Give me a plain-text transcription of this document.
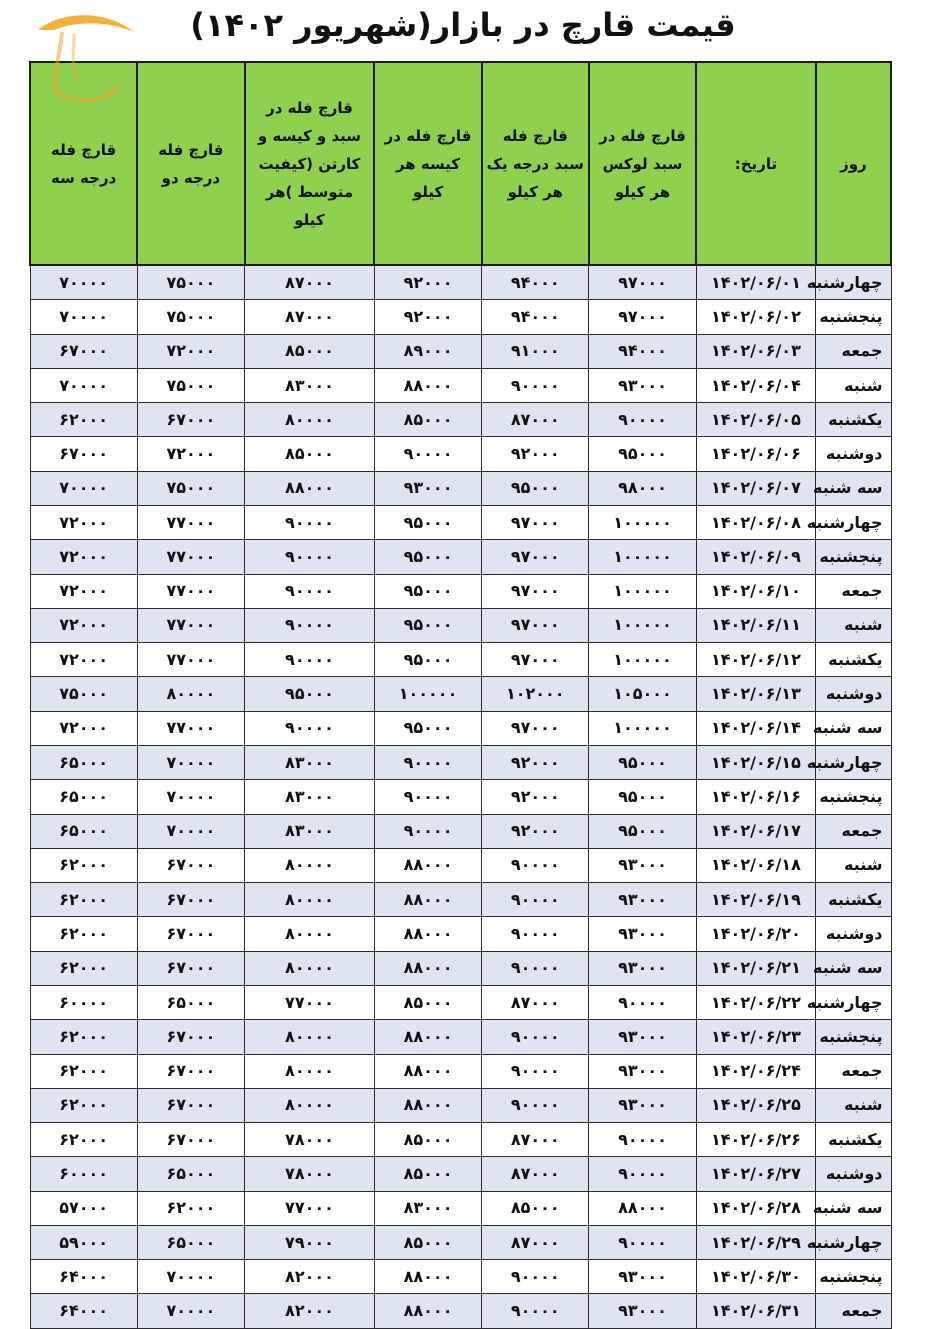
قیمت قارچ در بازار(شهریور ۱۴۰۲)
روز	تاریخ:	قارچ فله در سبد لوکس هر کیلو	قارچ فله سبد درجه یک هر کیلو	قارچ فله در کیسه هر کیلو	قارچ فله در سبد و کیسه و کارتن (کیفیت متوسط )هر کیلو	قارچ فله درجه دو	قارچ فله درجه سه
چهارشنبه	۱۴۰۲/۰۶/۰۱	۹۷۰۰۰	۹۴۰۰۰	۹۲۰۰۰	۸۷۰۰۰	۷۵۰۰۰	۷۰۰۰۰
پنجشنبه	۱۴۰۲/۰۶/۰۲	۹۷۰۰۰	۹۴۰۰۰	۹۲۰۰۰	۸۷۰۰۰	۷۵۰۰۰	۷۰۰۰۰
جمعه	۱۴۰۲/۰۶/۰۳	۹۴۰۰۰	۹۱۰۰۰	۸۹۰۰۰	۸۵۰۰۰	۷۲۰۰۰	۶۷۰۰۰
شنبه	۱۴۰۲/۰۶/۰۴	۹۳۰۰۰	۹۰۰۰۰	۸۸۰۰۰	۸۳۰۰۰	۷۵۰۰۰	۷۰۰۰۰
یکشنبه	۱۴۰۲/۰۶/۰۵	۹۰۰۰۰	۸۷۰۰۰	۸۵۰۰۰	۸۰۰۰۰	۶۷۰۰۰	۶۲۰۰۰
دوشنبه	۱۴۰۲/۰۶/۰۶	۹۵۰۰۰	۹۲۰۰۰	۹۰۰۰۰	۸۵۰۰۰	۷۲۰۰۰	۶۷۰۰۰
سه شنبه	۱۴۰۲/۰۶/۰۷	۹۸۰۰۰	۹۵۰۰۰	۹۳۰۰۰	۸۸۰۰۰	۷۵۰۰۰	۷۰۰۰۰
چهارشنبه	۱۴۰۲/۰۶/۰۸	۱۰۰۰۰۰	۹۷۰۰۰	۹۵۰۰۰	۹۰۰۰۰	۷۷۰۰۰	۷۲۰۰۰
پنجشنبه	۱۴۰۲/۰۶/۰۹	۱۰۰۰۰۰	۹۷۰۰۰	۹۵۰۰۰	۹۰۰۰۰	۷۷۰۰۰	۷۲۰۰۰
جمعه	۱۴۰۲/۰۶/۱۰	۱۰۰۰۰۰	۹۷۰۰۰	۹۵۰۰۰	۹۰۰۰۰	۷۷۰۰۰	۷۲۰۰۰
شنبه	۱۴۰۲/۰۶/۱۱	۱۰۰۰۰۰	۹۷۰۰۰	۹۵۰۰۰	۹۰۰۰۰	۷۷۰۰۰	۷۲۰۰۰
یکشنبه	۱۴۰۲/۰۶/۱۲	۱۰۰۰۰۰	۹۷۰۰۰	۹۵۰۰۰	۹۰۰۰۰	۷۷۰۰۰	۷۲۰۰۰
دوشنبه	۱۴۰۲/۰۶/۱۳	۱۰۵۰۰۰	۱۰۲۰۰۰	۱۰۰۰۰۰	۹۵۰۰۰	۸۰۰۰۰	۷۵۰۰۰
سه شنبه	۱۴۰۲/۰۶/۱۴	۱۰۰۰۰۰	۹۷۰۰۰	۹۵۰۰۰	۹۰۰۰۰	۷۷۰۰۰	۷۲۰۰۰
چهارشنبه	۱۴۰۲/۰۶/۱۵	۹۵۰۰۰	۹۲۰۰۰	۹۰۰۰۰	۸۳۰۰۰	۷۰۰۰۰	۶۵۰۰۰
پنجشنبه	۱۴۰۲/۰۶/۱۶	۹۵۰۰۰	۹۲۰۰۰	۹۰۰۰۰	۸۳۰۰۰	۷۰۰۰۰	۶۵۰۰۰
جمعه	۱۴۰۲/۰۶/۱۷	۹۵۰۰۰	۹۲۰۰۰	۹۰۰۰۰	۸۳۰۰۰	۷۰۰۰۰	۶۵۰۰۰
شنبه	۱۴۰۲/۰۶/۱۸	۹۳۰۰۰	۹۰۰۰۰	۸۸۰۰۰	۸۰۰۰۰	۶۷۰۰۰	۶۲۰۰۰
یکشنبه	۱۴۰۲/۰۶/۱۹	۹۳۰۰۰	۹۰۰۰۰	۸۸۰۰۰	۸۰۰۰۰	۶۷۰۰۰	۶۲۰۰۰
دوشنبه	۱۴۰۲/۰۶/۲۰	۹۳۰۰۰	۹۰۰۰۰	۸۸۰۰۰	۸۰۰۰۰	۶۷۰۰۰	۶۲۰۰۰
سه شنبه	۱۴۰۲/۰۶/۲۱	۹۳۰۰۰	۹۰۰۰۰	۸۸۰۰۰	۸۰۰۰۰	۶۷۰۰۰	۶۲۰۰۰
چهارشنبه	۱۴۰۲/۰۶/۲۲	۹۰۰۰۰	۸۷۰۰۰	۸۵۰۰۰	۷۷۰۰۰	۶۵۰۰۰	۶۰۰۰۰
پنجشنبه	۱۴۰۲/۰۶/۲۳	۹۳۰۰۰	۹۰۰۰۰	۸۸۰۰۰	۸۰۰۰۰	۶۷۰۰۰	۶۲۰۰۰
جمعه	۱۴۰۲/۰۶/۲۴	۹۳۰۰۰	۹۰۰۰۰	۸۸۰۰۰	۸۰۰۰۰	۶۷۰۰۰	۶۲۰۰۰
شنبه	۱۴۰۲/۰۶/۲۵	۹۳۰۰۰	۹۰۰۰۰	۸۸۰۰۰	۸۰۰۰۰	۶۷۰۰۰	۶۲۰۰۰
یکشنبه	۱۴۰۲/۰۶/۲۶	۹۰۰۰۰	۸۷۰۰۰	۸۵۰۰۰	۷۸۰۰۰	۶۷۰۰۰	۶۲۰۰۰
دوشنبه	۱۴۰۲/۰۶/۲۷	۹۰۰۰۰	۸۷۰۰۰	۸۵۰۰۰	۷۸۰۰۰	۶۵۰۰۰	۶۰۰۰۰
سه شنبه	۱۴۰۲/۰۶/۲۸	۸۸۰۰۰	۸۵۰۰۰	۸۳۰۰۰	۷۷۰۰۰	۶۲۰۰۰	۵۷۰۰۰
چهارشنبه	۱۴۰۲/۰۶/۲۹	۹۰۰۰۰	۸۷۰۰۰	۸۵۰۰۰	۷۹۰۰۰	۶۵۰۰۰	۵۹۰۰۰
پنجشنبه	۱۴۰۲/۰۶/۳۰	۹۳۰۰۰	۹۰۰۰۰	۸۸۰۰۰	۸۲۰۰۰	۷۰۰۰۰	۶۴۰۰۰
جمعه	۱۴۰۲/۰۶/۳۱	۹۳۰۰۰	۹۰۰۰۰	۸۸۰۰۰	۸۲۰۰۰	۷۰۰۰۰	۶۴۰۰۰
